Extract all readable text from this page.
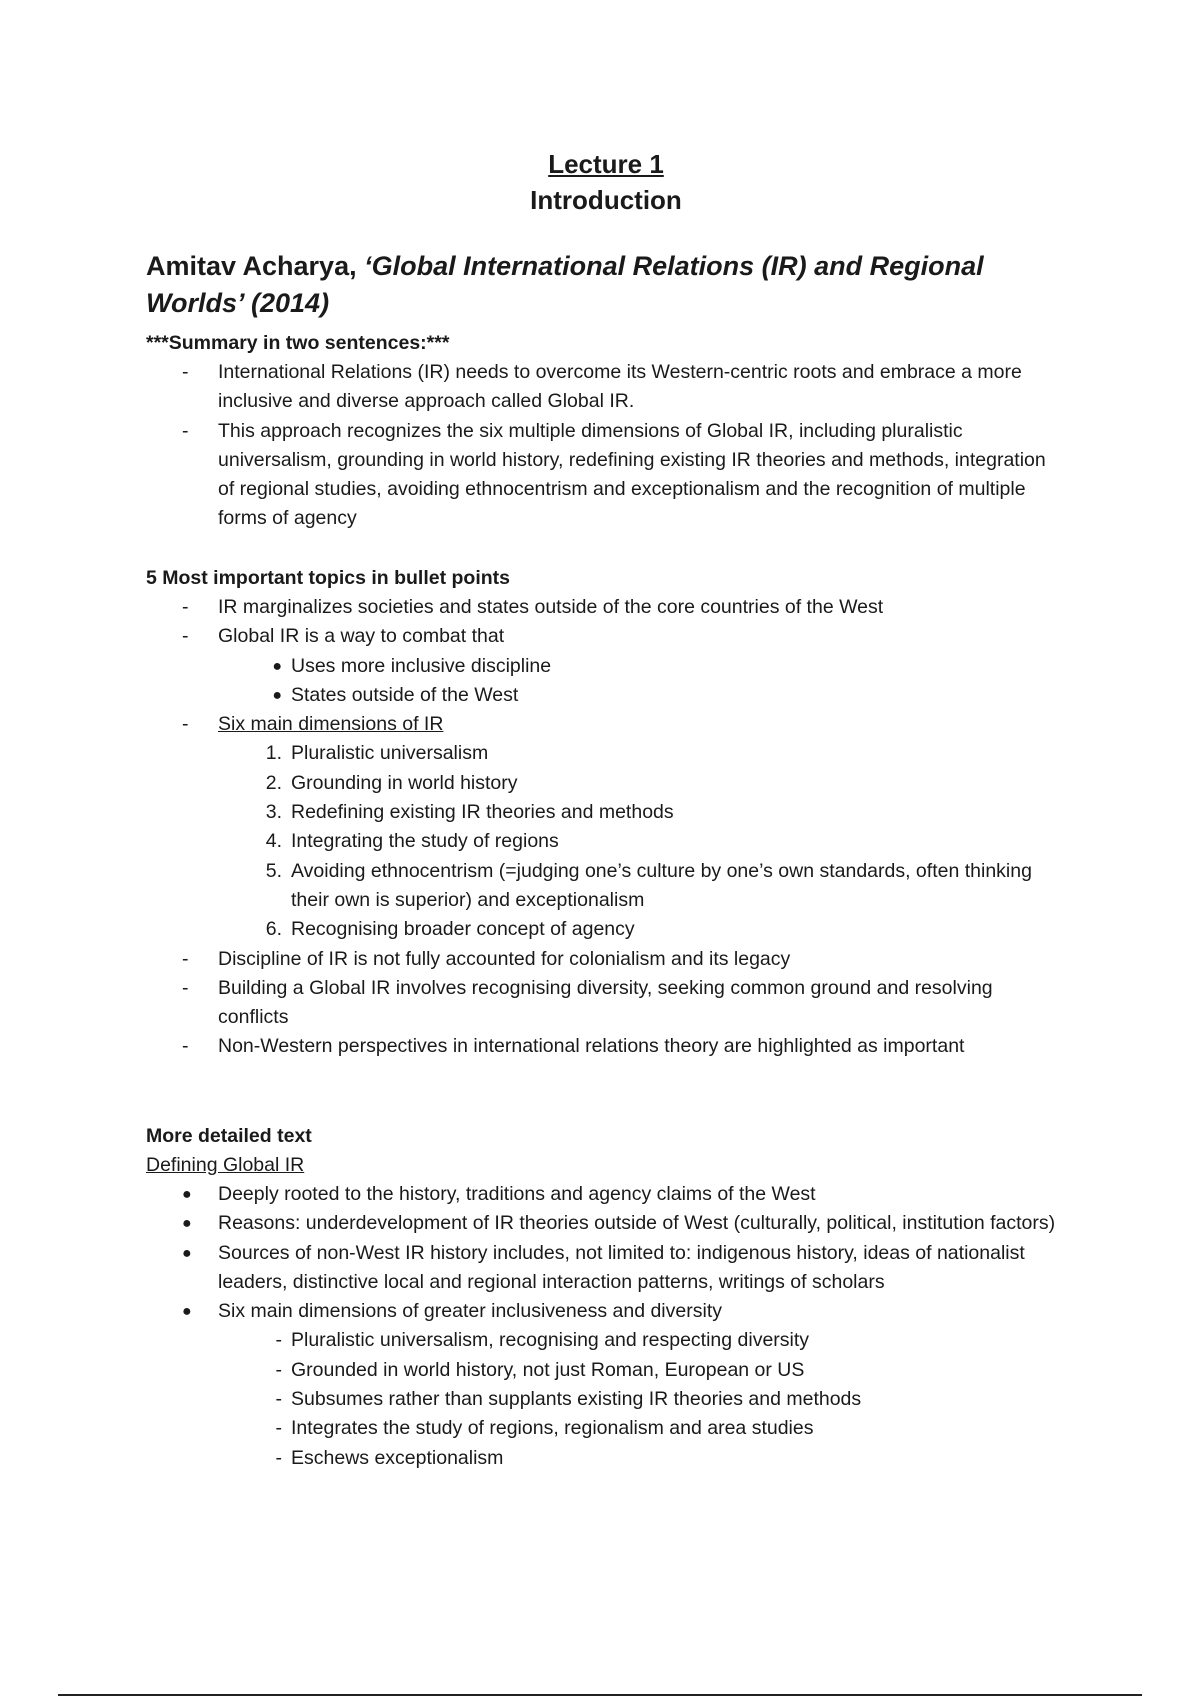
Lecture 1
Introduction
Amitav Acharya, ‘Global International Relations (IR) and Regional Worlds’ (2014)
***Summary in two sentences:***
-	International Relations (IR) needs to overcome its Western-centric roots and embrace a more inclusive and diverse approach called Global IR.
-	This approach recognizes the six multiple dimensions of Global IR, including pluralistic universalism, grounding in world history, redefining existing IR theories and methods, integration of regional studies, avoiding ethnocentrism and exceptionalism and the recognition of multiple forms of agency
5 Most important topics in bullet points
-	IR marginalizes societies and states outside of the core countries of the West
-	Global IR is a way to combat that
● Uses more inclusive discipline
● States outside of the West
-	Six main dimensions of IR
1. Pluralistic universalism
2. Grounding in world history
3. Redefining existing IR theories and methods
4. Integrating the study of regions
5. Avoiding ethnocentrism (=judging one’s culture by one’s own standards, often thinking their own is superior) and exceptionalism
6. Recognising broader concept of agency
-	Discipline of IR is not fully accounted for colonialism and its legacy
-	Building a Global IR involves recognising diversity, seeking common ground and resolving conflicts
-	Non-Western perspectives in international relations theory are highlighted as important
More detailed text
Defining Global IR
●	Deeply rooted to the history, traditions and agency claims of the West
●	Reasons: underdevelopment of IR theories outside of West (culturally, political, institution factors)
●	Sources of non-West IR history includes, not limited to: indigenous history, ideas of nationalist leaders, distinctive local and regional interaction patterns, writings of scholars
●	Six main dimensions of greater inclusiveness and diversity
- Pluralistic universalism, recognising and respecting diversity
- Grounded in world history, not just Roman, European or US
- Subsumes rather than supplants existing IR theories and methods
- Integrates the study of regions, regionalism and area studies
- Eschews exceptionalism
